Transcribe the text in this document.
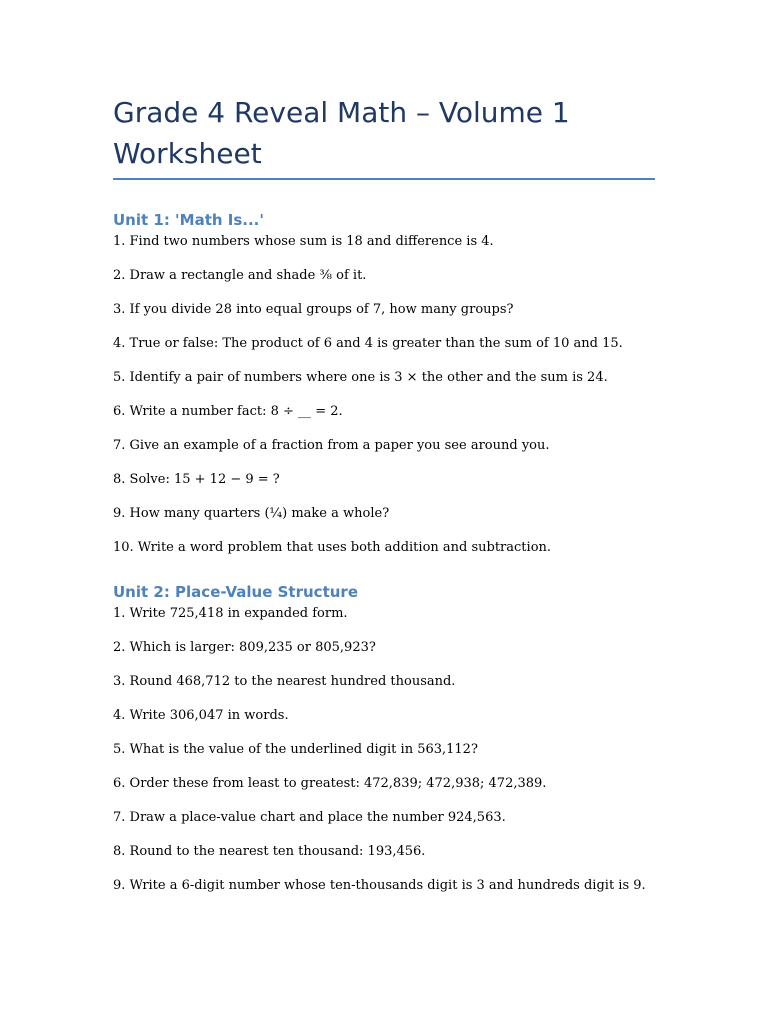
Grade 4 Reveal Math – Volume 1
Worksheet
Unit 1: 'Math Is...'
1. Find two numbers whose sum is 18 and difference is 4.
2. Draw a rectangle and shade ⅜ of it.
3. If you divide 28 into equal groups of 7, how many groups?
4. True or false: The product of 6 and 4 is greater than the sum of 10 and 15.
5. Identify a pair of numbers where one is 3 × the other and the sum is 24.
6. Write a number fact: 8 ÷ __ = 2.
7. Give an example of a fraction from a paper you see around you.
8. Solve: 15 + 12 − 9 = ?
9. How many quarters (¼) make a whole?
10. Write a word problem that uses both addition and subtraction.
Unit 2: Place-Value Structure
1. Write 725,418 in expanded form.
2. Which is larger: 809,235 or 805,923?
3. Round 468,712 to the nearest hundred thousand.
4. Write 306,047 in words.
5. What is the value of the underlined digit in 563,112?
6. Order these from least to greatest: 472,839; 472,938; 472,389.
7. Draw a place-value chart and place the number 924,563.
8. Round to the nearest ten thousand: 193,456.
9. Write a 6-digit number whose ten-thousands digit is 3 and hundreds digit is 9.
